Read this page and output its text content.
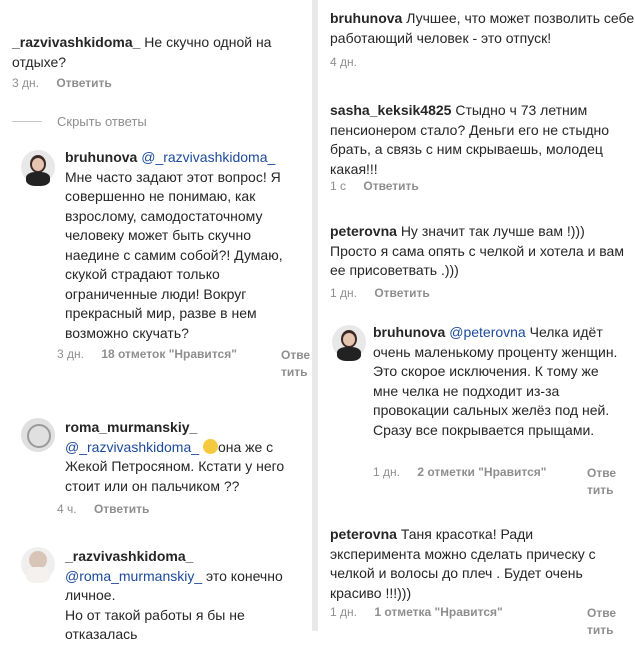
_razvivashkidoma_ Не скучно одной на отдыхе?
3 дн. Ответить
Скрыть ответы
bruhunova @_razvivashkidoma_ Мне часто задают этот вопрос! Я совершенно не понимаю, как взрослому, самодостаточному человеку может быть скучно наедине с самим собой?! Думаю, скукой страдают только ограниченные люди! Вокруг прекрасный мир, разве в нем возможно скучать?
3 дн. 18 отметок "Нравится"	Отве
тить
roma_murmanskiy_
@_razvivashkidoma_ она же с Жекой Петросяном. Кстати у него стоит или он пальчиком ??
4 ч. Ответить
_razvivashkidoma_
@roma_murmanskiy_ это конечно личное.
Но от такой работы я бы не отказалась
bruhunova Лучшее, что может позволить себе работающий человек - это отпуск!
4 дн.
sasha_keksik4825 Стыдно ч 73 летним пенсионером стало? Деньги его не стыдно брать, а связь с ним скрываешь, молодец какая!!!
1 с Ответить
peterovna Ну значит так лучше вам !))) Просто я сама опять с челкой и хотела и вам ее присоветвать .)))
1 дн. Ответить
bruhunova @peterovna Челка идёт очень маленькому проценту женщин. Это скорое исключения. К тому же мне челка не подходит из-за провокации сальных желёз под ней. Сразу все покрывается прыщами.
1 дн. 2 отметки "Нравится"	Отве
тить
peterovna Таня красотка! Ради эксперимента можно сделать прическу с челкой и волосы до плеч . Будет очень красиво !!!)))
1 дн. 1 отметка "Нравится"	Отве
тить
